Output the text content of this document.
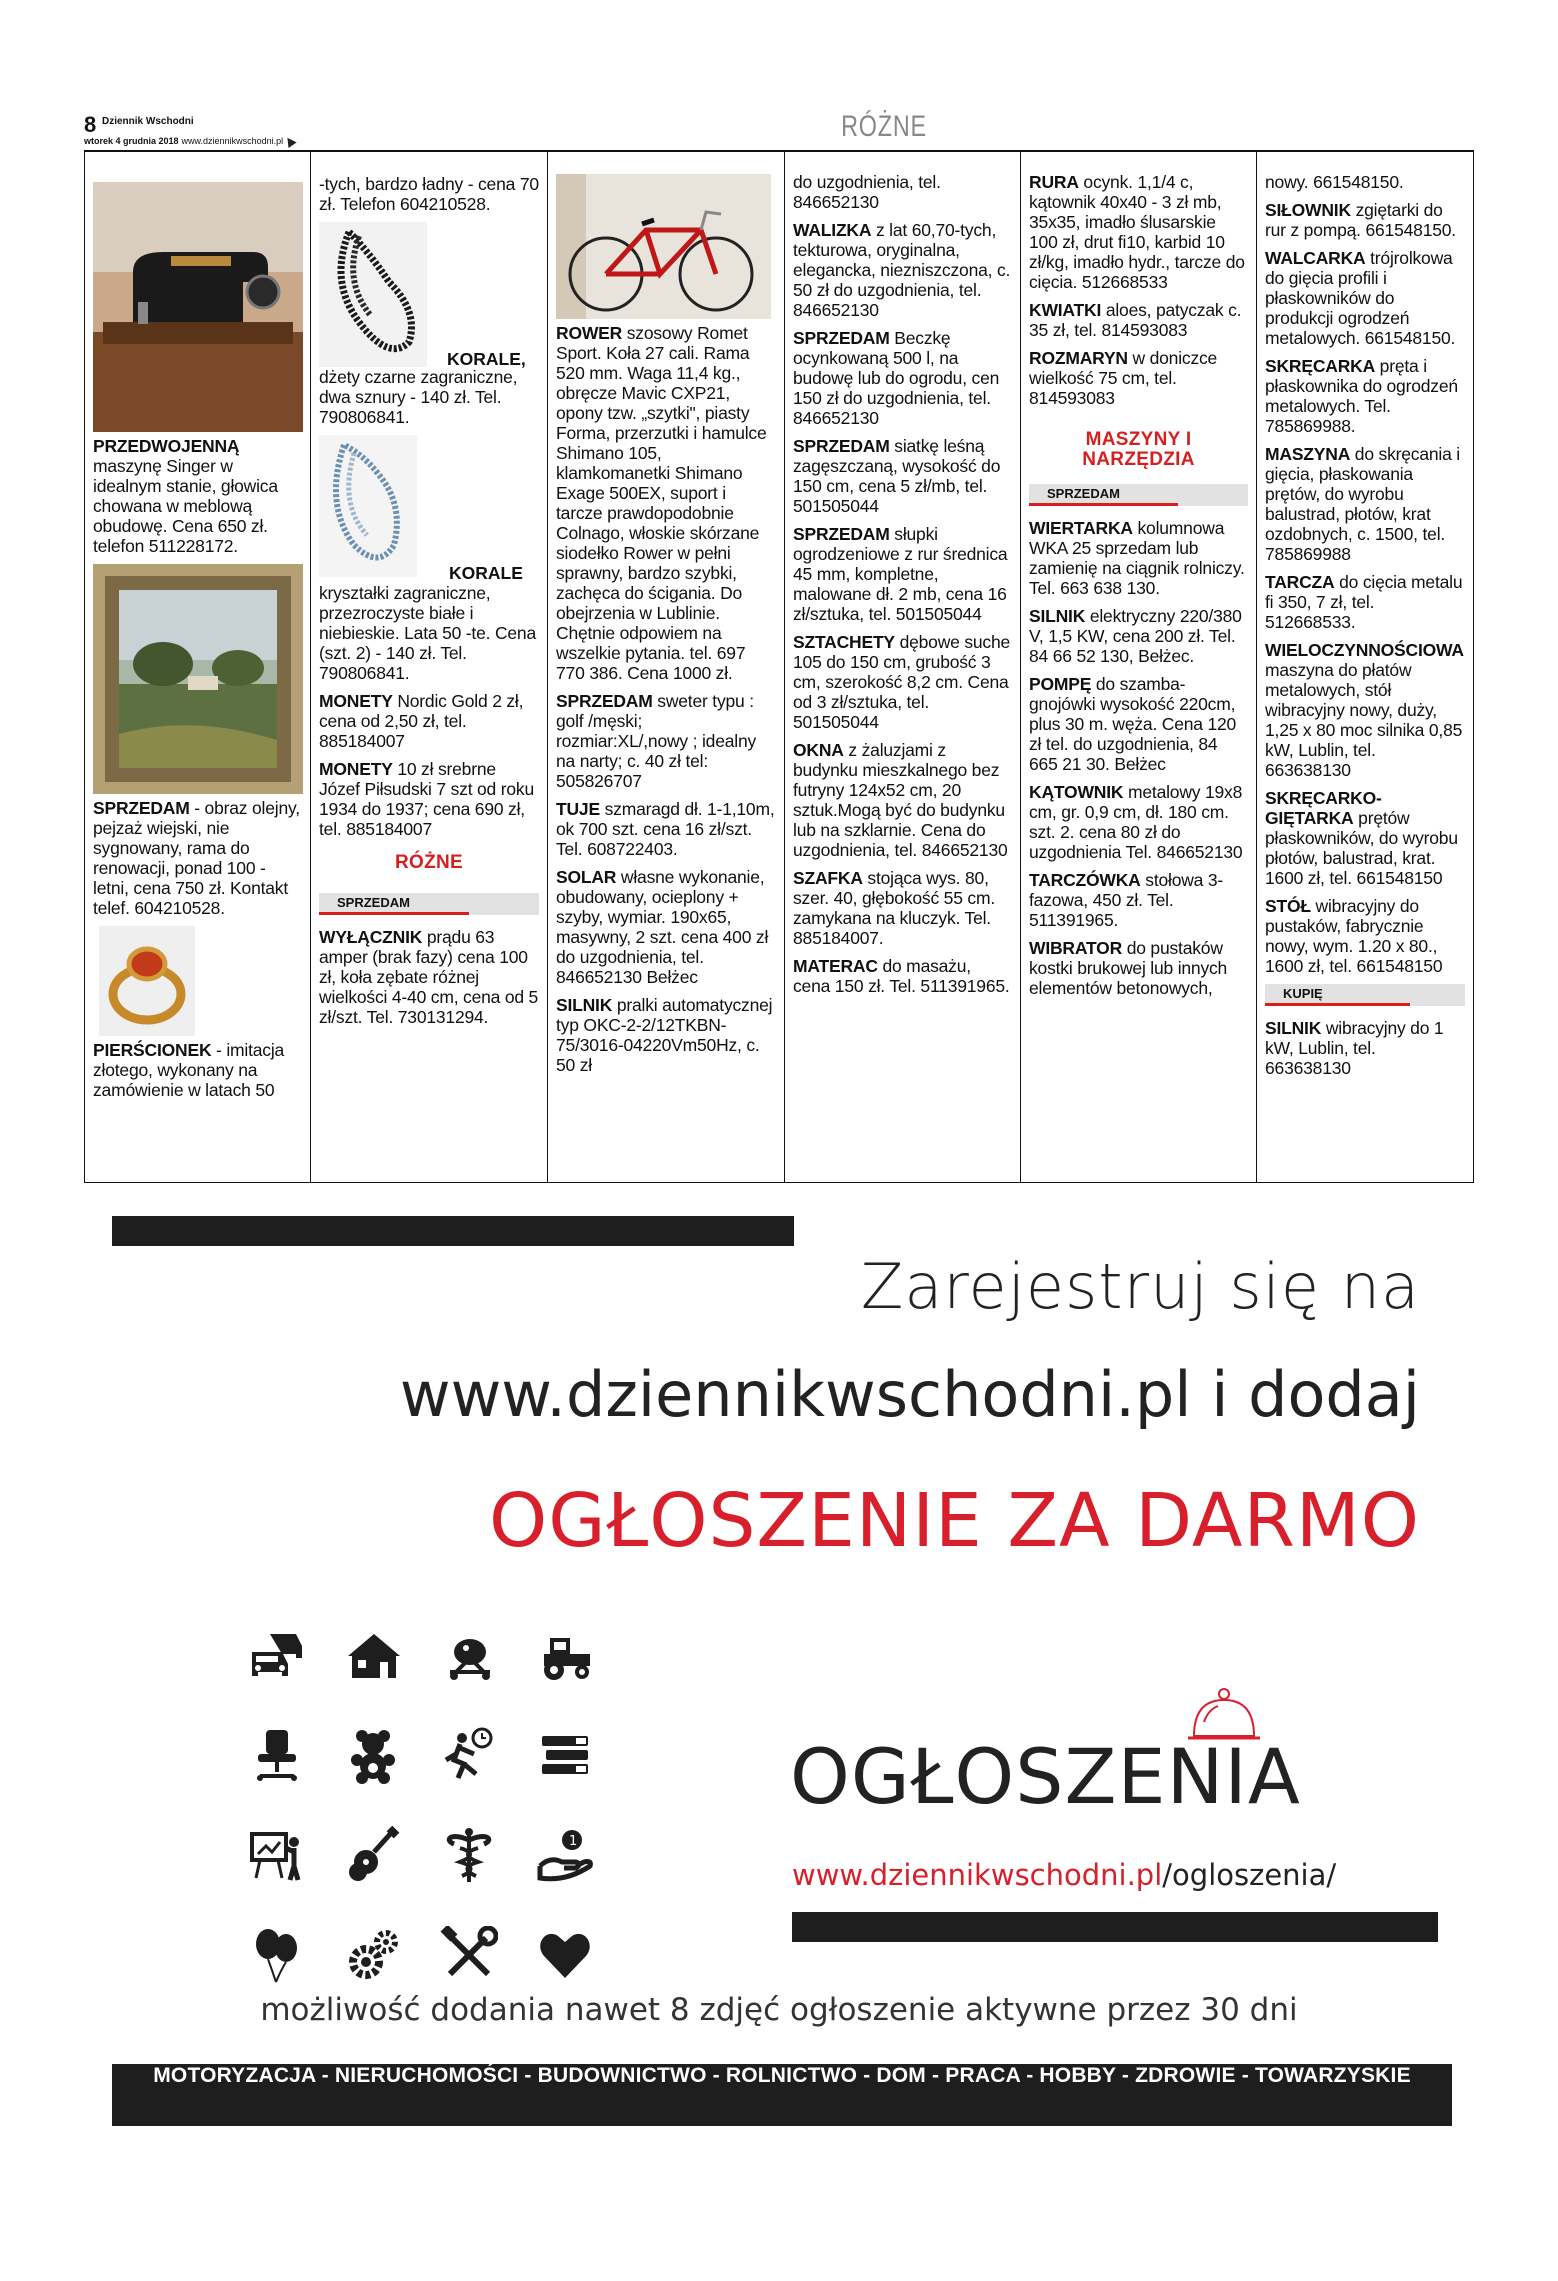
8 Dziennik Wschodni
wtorek 4 grudnia 2018 www.dziennikwschodni.pl	RÓŻNE

PRZEDWOJENNĄ maszynę Singer w idealnym stanie, głowica chowana w meblową obudowę. Cena 650 zł. telefon 511228172.

SPRZEDAM - obraz olejny, pejzaż wiejski, nie sygnowany, rama do renowacji, ponad 100 - letni, cena 750 zł. Kontakt telef. 604210528.

PIERŚCIONEK - imitacja złotego, wykonany na zamówienie w latach 50

-tych, bardzo ładny - cena 70 zł. Telefon 604210528.

KORALE,

dżety czarne zagraniczne, dwa sznury - 140 zł. Tel. 790806841.

KORALE

kryształki zagraniczne, przezroczyste białe i niebieskie. Lata 50 -te. Cena (szt. 2) - 140 zł. Tel. 790806841.

MONETY Nordic Gold 2 zł, cena od 2,50 zł, tel. 885184007

MONETY 10 zł srebrne Józef Piłsudski 7 szt od roku 1934 do 1937; cena 690 zł, tel. 885184007

RÓŻNE
SPRZEDAM

WYŁĄCZNIK prądu 63 amper (brak fazy) cena 100 zł, koła zębate różnej wielkości 4-40 cm, cena od 5 zł/szt. Tel. 730131294.

ROWER szosowy Romet Sport. Koła 27 cali. Rama 520 mm. Waga 11,4 kg., obręcze Mavic CXP21, opony tzw. „szytki", piasty Forma, przerzutki i hamulce Shimano 105, klamkomanetki Shimano Exage 500EX, suport i tarcze prawdopodobnie Colnago, włoskie skórzane siodełko Rower w pełni sprawny, bardzo szybki, zachęca do ścigania. Do obejrzenia w Lublinie. Chętnie odpowiem na wszelkie pytania. tel. 697 770 386. Cena 1000 zł.

SPRZEDAM sweter typu : golf /męski; rozmiar:XL/,nowy ; idealny na narty; c. 40 zł tel: 505826707

TUJE szmaragd dł. 1-1,10m, ok 700 szt. cena 16 zł/szt. Tel. 608722403.

SOLAR własne wykonanie, obudowany, ocieplony + szyby, wymiar. 190x65, masywny, 2 szt. cena 400 zł do uzgodnienia, tel. 846652130 Bełżec

SILNIK pralki automatycznej typ OKC-2-2/12TKBN-75/3016-04220Vm50Hz, c. 50 zł

do uzgodnienia, tel. 846652130

WALIZKA z lat 60,70-tych, tekturowa, oryginalna, elegancka, niezniszczona, c. 50 zł do uzgodnienia, tel. 846652130

SPRZEDAM Beczkę ocynkowaną 500 l, na budowę lub do ogrodu, cen 150 zł do uzgodnienia, tel. 846652130

SPRZEDAM siatkę leśną zagęszczaną, wysokość do 150 cm, cena 5 zł/mb, tel. 501505044

SPRZEDAM słupki ogrodzeniowe z rur średnica 45 mm, kompletne, malowane dł. 2 mb, cena 16 zł/sztuka, tel. 501505044

SZTACHETY dębowe suche 105 do 150 cm, grubość 3 cm, szerokość 8,2 cm. Cena od 3 zł/sztuka, tel. 501505044

OKNA z żaluzjami z budynku mieszkalnego bez futryny 124x52 cm, 20 sztuk.Mogą być do budynku lub na szklarnie. Cena do uzgodnienia, tel. 846652130

SZAFKA stojąca wys. 80, szer. 40, głębokość 55 cm. zamykana na kluczyk. Tel. 885184007.

MATERAC do masażu, cena 150 zł. Tel. 511391965.

RURA ocynk. 1,1/4 c, kątownik 40x40 - 3 zł mb, 35x35, imadło ślusarskie 100 zł, drut fi10, karbid 10 zł/kg, imadło hydr., tarcze do cięcia. 512668533

KWIATKI aloes, patyczak c. 35 zł, tel. 814593083

ROZMARYN w doniczce wielkość 75 cm, tel. 814593083

MASZYNY I NARZĘDZIA
SPRZEDAM

WIERTARKA kolumnowa WKA 25 sprzedam lub zamienię na ciągnik rolniczy. Tel. 663 638 130.

SILNIK elektryczny 220/380 V, 1,5 KW, cena 200 zł. Tel. 84 66 52 130, Bełżec.

POMPĘ do szamba-gnojówki wysokość 220cm, plus 30 m. węża. Cena 120 zł tel. do uzgodnienia, 84 665 21 30. Bełżec

KĄTOWNIK metalowy 19x8 cm, gr. 0,9 cm, dł. 180 cm. szt. 2. cena 80 zł do uzgodnienia Tel. 846652130

TARCZÓWKA stołowa 3-fazowa, 450 zł. Tel. 511391965.

WIBRATOR do pustaków kostki brukowej lub innych elementów betonowych,

nowy. 661548150.

SIŁOWNIK zgiętarki do rur z pompą. 661548150.

WALCARKA trójrolkowa do gięcia profili i płaskowników do produkcji ogrodzeń metalowych. 661548150.

SKRĘCARKA pręta i płaskownika do ogrodzeń metalowych. Tel. 785869988.

MASZYNA do skręcania i gięcia, płaskowania prętów, do wyrobu balustrad, płotów, krat ozdobnych, c. 1500, tel. 785869988

TARCZA do cięcia metalu fi 350, 7 zł, tel. 512668533.

WIELOCZYNNOŚCIOWA maszyna do płatów metalowych, stół wibracyjny nowy, duży, 1,25 x 80 moc silnika 0,85 kW, Lublin, tel. 663638130

SKRĘCARKO-GIĘTARKA prętów płaskowników, do wyrobu płotów, balustrad, krat. 1600 zł, tel. 661548150

STÓŁ wibracyjny do pustaków, fabrycznie nowy, wym. 1.20 x 80., 1600 zł, tel. 661548150

KUPIĘ

SILNIK wibracyjny do 1 kW, Lublin, tel. 663638130

Zarejestruj się na
www.dziennikwschodni.pl i dodaj
OGŁOSZENIE ZA DARMO
1
OGŁOSZENIA
www.dziennikwschodni.pl/ogloszenia/
możliwość dodania nawet 8 zdjęć ogłoszenie aktywne przez 30 dni
MOTORYZACJA - NIERUCHOMOŚCI - BUDOWNICTWO - ROLNICTWO - DOM - PRACA - HOBBY - ZDROWIE - TOWARZYSKIE
